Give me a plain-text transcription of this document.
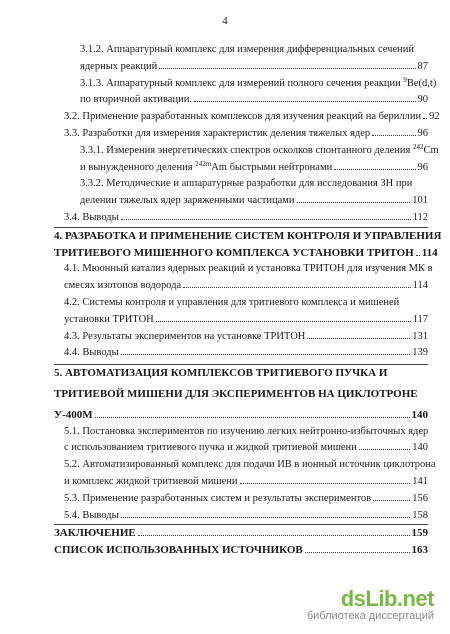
4
3.1.2. Аппаратурный комплекс для измерения дифференциальных сечений
ядерных реакций	87
3.1.3. Аппаратурный комплекс для измерений полного сечения реакции $^9$Be(d,t)
по вторичной активации.	90
3.2. Применение разработанных комплексов для изучения реакций на бериллии 92
3.3. Разработки для измерения характеристик деления тяжелых ядер	96
3.3.1. Измерения энергетических спектров осколков спонтанного деления $^{242}$Cm
и вынужденного деления $^{242m}$Am быстрыми нейтронами	96
3.3.2. Методические и аппаратурные разработки для исследования ЗН при
делении тяжелых ядер заряженными частицами	101
3.4. Выводы	112
4. РАЗРАБОТКА И ПРИМЕНЕНИЕ СИСТЕМ КОНТРОЛЯ И УПРАВЛЕНИЯ
ТРИТИЕВОГО МИШЕННОГО КОМПЛЕКСА УСТАНОВКИ ТРИТОН 114
4.1. Мюонный катализ ядерных реакций и установка ТРИТОН для изучения МК в
смесях изотопов водорода	114
4.2. Системы контроля и управления для тритиевого комплекса и мишеней
установки ТРИТОН	117
4.3. Результаты экспериментов на установке ТРИТОН	131
4.4. Выводы	139
5. АВТОМАТИЗАЦИЯ КОМПЛЕКСОВ ТРИТИЕВОГО ПУЧКА И
ТРИТИЕВОЙ МИШЕНИ ДЛЯ ЭКСПЕРИМЕНТОВ НА ЦИКЛОТРОНЕ
У-400М	140
5.1. Постановка экспериментов по изучению легких нейтронно-избыточных ядер
с использованием тритиевого пучка и жидкой тритиевой мишени	140
5.2. Автоматизированный комплекс для подачи ИВ в ионный источник циклотрона
и комплекс жидкой тритиевой мишени	141
5.3. Применение разработанных систем и результаты экспериментов	156
5.4. Выводы	158
ЗАКЛЮЧЕНИЕ	159
СПИСОК ИСПОЛЬЗОВАННЫХ ИСТОЧНИКОВ	163
dsLib.net
библиотека диссертаций
